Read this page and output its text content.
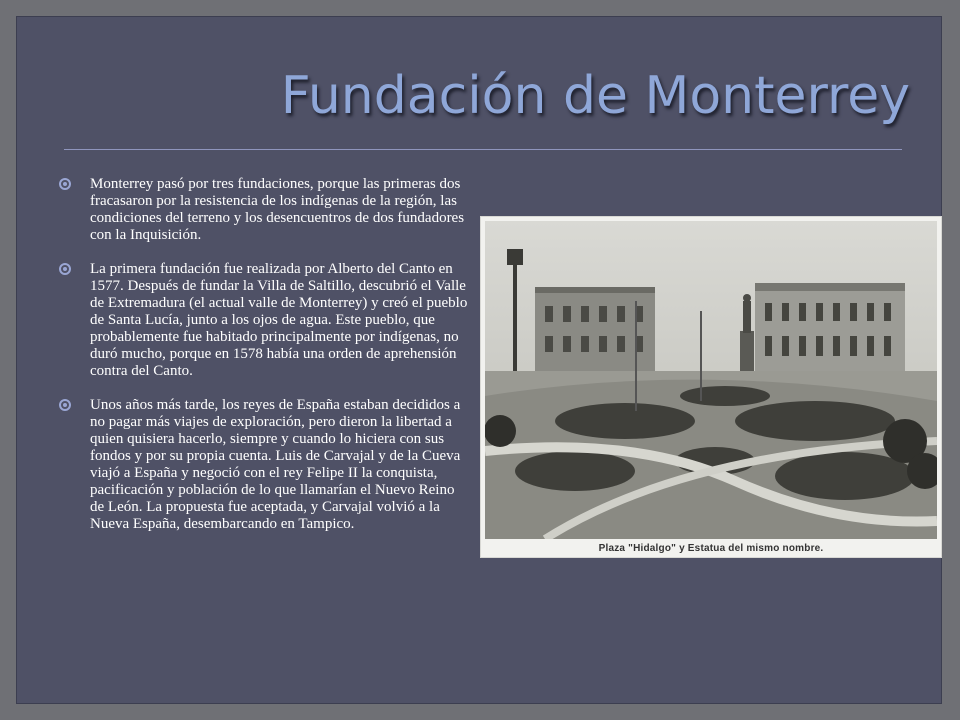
Fundación de Monterrey
Monterrey pasó por tres fundaciones, porque las primeras dos fracasaron por la resistencia de los indígenas de la región, las condiciones del terreno y los desencuentros de dos fundadores con la Inquisición.
La primera fundación fue realizada por Alberto del Canto en 1577. Después de fundar la Villa de Saltillo, descubrió el Valle de Extremadura (el actual valle de Monterrey) y creó el pueblo de Santa Lucía, junto a los ojos de agua. Este pueblo, que probablemente fue habitado principalmente por indígenas, no duró mucho, porque en 1578 había una orden de aprehensión contra del Canto.
Unos años más tarde, los reyes de España estaban decididos a no pagar más viajes de exploración, pero dieron la libertad a quien quisiera hacerlo, siempre y cuando lo hiciera con sus fondos y por su propia cuenta. Luis de Carvajal y de la Cueva viajó a España y negoció con el rey Felipe II la conquista, pacificación y población de lo que llamarían el Nuevo Reino de León. La propuesta fue aceptada, y Carvajal volvió a la Nueva España, desembarcando en Tampico.
Plaza "Hidalgo" y Estatua del mismo nombre.
